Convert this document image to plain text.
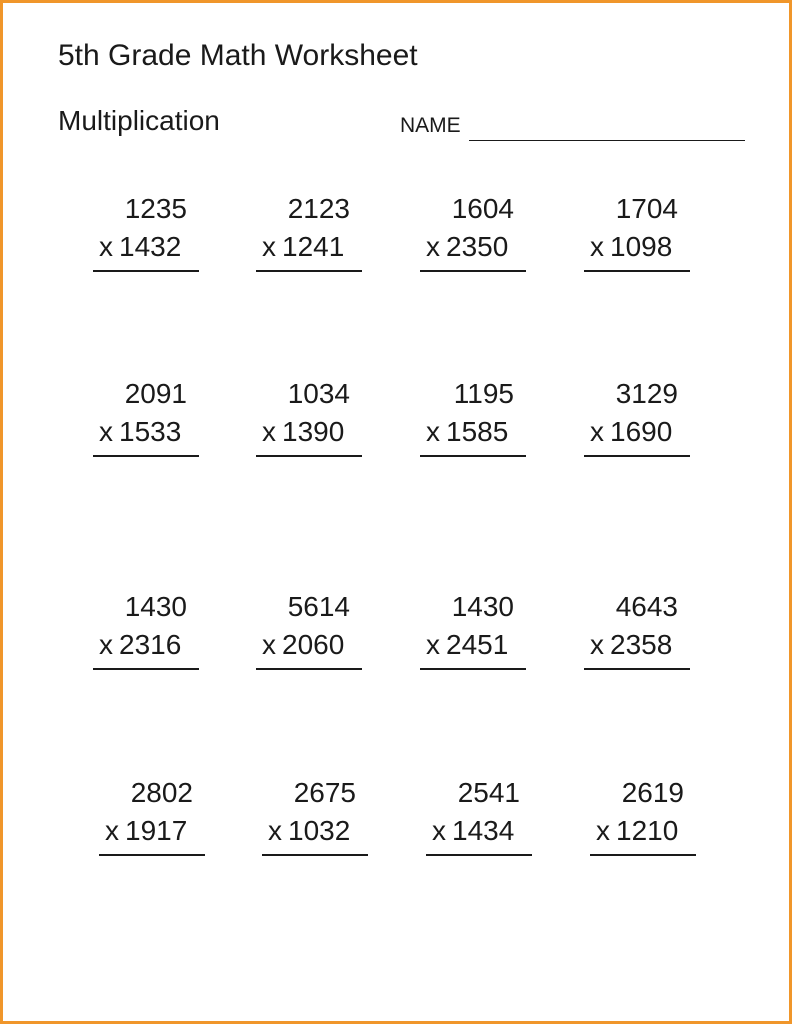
5th Grade Math Worksheet
Multiplication	NAME
1235
x 1432
2123
x 1241
1604
x 2350
1704
x 1098
2091
x 1533
1034
x 1390
1195
x 1585
3129
x 1690
1430
x 2316
5614
x 2060
1430
x 2451
4643
x 2358
2802
x 1917
2675
x 1032
2541
x 1434
2619
x 1210
